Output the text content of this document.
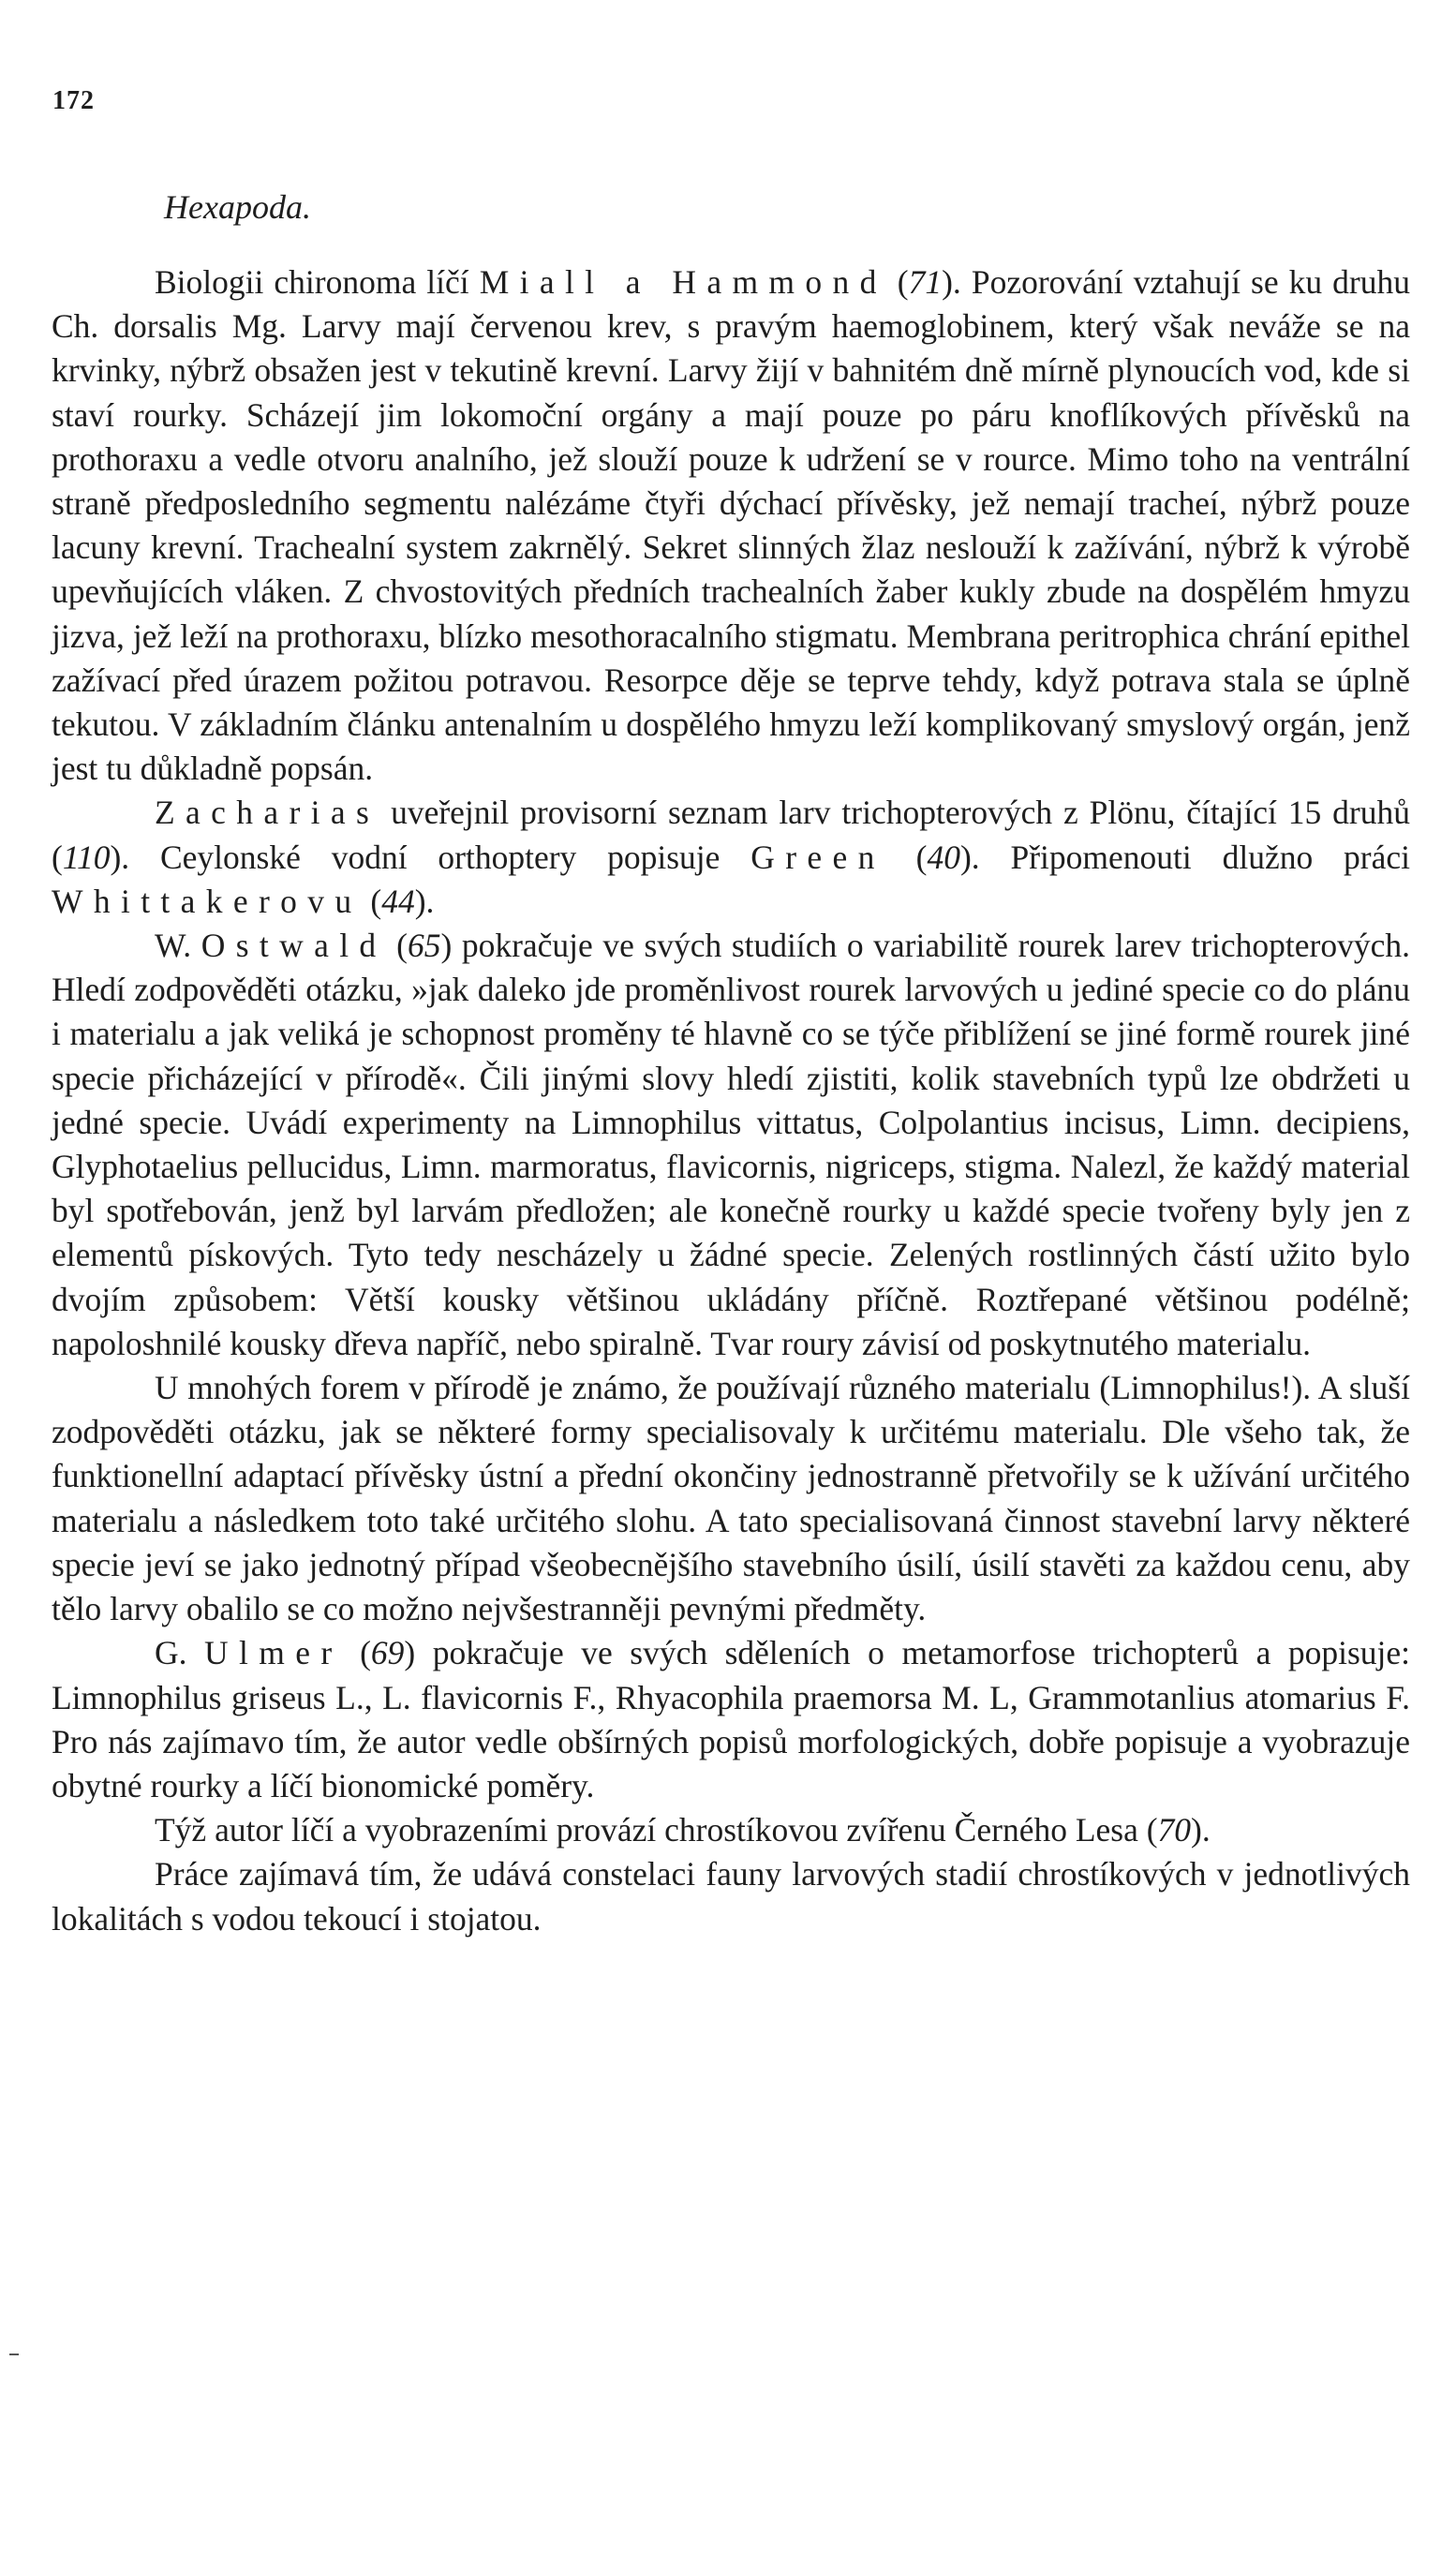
172
Hexapoda.

Biologii chironoma líčí Miall a Hammond (71). Pozorování vztahují se ku druhu Ch. dorsalis Mg. Larvy mají červenou krev, s pravým haemoglobinem, který však neváže se na krvinky, nýbrž obsažen jest v tekutině krevní. Larvy žijí v bahnitém dně mírně plynoucích vod, kde si staví rourky. Scházejí jim lokomoční orgány a mají pouze po páru knoflíkových přívěsků na prothoraxu a vedle otvoru analního, jež slouží pouze k udržení se v rource. Mimo toho na ventrální straně předposledního segmentu nalézáme čtyři dýchací přívěsky, jež nemají tracheí, nýbrž pouze lacuny krevní. Trachealní system zakrnělý. Sekret slinných žlaz neslouží k zažívání, nýbrž k výrobě upevňujících vláken. Z chvostovitých předních trachealních žaber kukly zbude na dospělém hmyzu jizva, jež leží na prothoraxu, blízko mesothoracalního stigmatu. Membrana peritrophica chrání epithel zažívací před úrazem požitou potravou. Resorpce děje se teprve tehdy, když potrava stala se úplně tekutou. V základním článku antenalním u dospělého hmyzu leží komplikovaný smyslový orgán, jenž jest tu důkladně popsán.

Zacharias uveřejnil provisorní seznam larv trichopterových z Plönu, čítající 15 druhů (110). Ceylonské vodní orthoptery popisuje Green (40). Připomenouti dlužno práci Whittakerovu (44).

W. Ostwald (65) pokračuje ve svých studiích o variabilitě rourek larev trichopterových. Hledí zodpověděti otázku, »jak daleko jde proměnlivost rourek larvových u jediné specie co do plánu i materialu a jak veliká je schopnost proměny té hlavně co se týče přiblížení se jiné formě rourek jiné specie přicházející v přírodě«. Čili jinými slovy hledí zjistiti, kolik stavebních typů lze obdržeti u jedné specie. Uvádí experimenty na Limnophilus vittatus, Colpolantius incisus, Limn. decipiens, Glyphotaelius pellucidus, Limn. marmoratus, flavicornis, nigriceps, stigma. Nalezl, že každý material byl spotřebován, jenž byl larvám předložen; ale konečně rourky u každé specie tvořeny byly jen z elementů pískových. Tyto tedy nescházely u žádné specie. Zelených rostlinných částí užito bylo dvojím způsobem: Větší kousky většinou ukládány příčně. Roztřepané většinou podélně; napoloshnilé kousky dřeva napříč, nebo spiralně. Tvar roury závisí od poskytnutého materialu.

U mnohých forem v přírodě je známo, že používají různého materialu (Limnophilus!). A sluší zodpověděti otázku, jak se některé formy specialisovaly k určitému materialu. Dle všeho tak, že funktionellní adaptací přívěsky ústní a přední okončiny jednostranně přetvořily se k užívání určitého materialu a následkem toto také určitého slohu. A tato specialisovaná činnost stavební larvy některé specie jeví se jako jednotný případ všeobecnějšího stavebního úsilí, úsilí stavěti za každou cenu, aby tělo larvy obalilo se co možno nejvšestranněji pevnými předměty.

G. Ulmer (69) pokračuje ve svých sděleních o metamorfose trichopterů a popisuje: Limnophilus griseus L., L. flavicornis F., Rhyacophila praemorsa M. L, Grammotanlius atomarius F. Pro nás zajímavo tím, že autor vedle obšírných popisů morfologických, dobře popisuje a vyobrazuje obytné rourky a líčí bionomické poměry.

Týž autor líčí a vyobrazeními provází chrostíkovou zvířenu Černého Lesa (70).

Práce zajímavá tím, že udává constelaci fauny larvových stadií chrostíkových v jednotlivých lokalitách s vodou tekoucí i stojatou.
